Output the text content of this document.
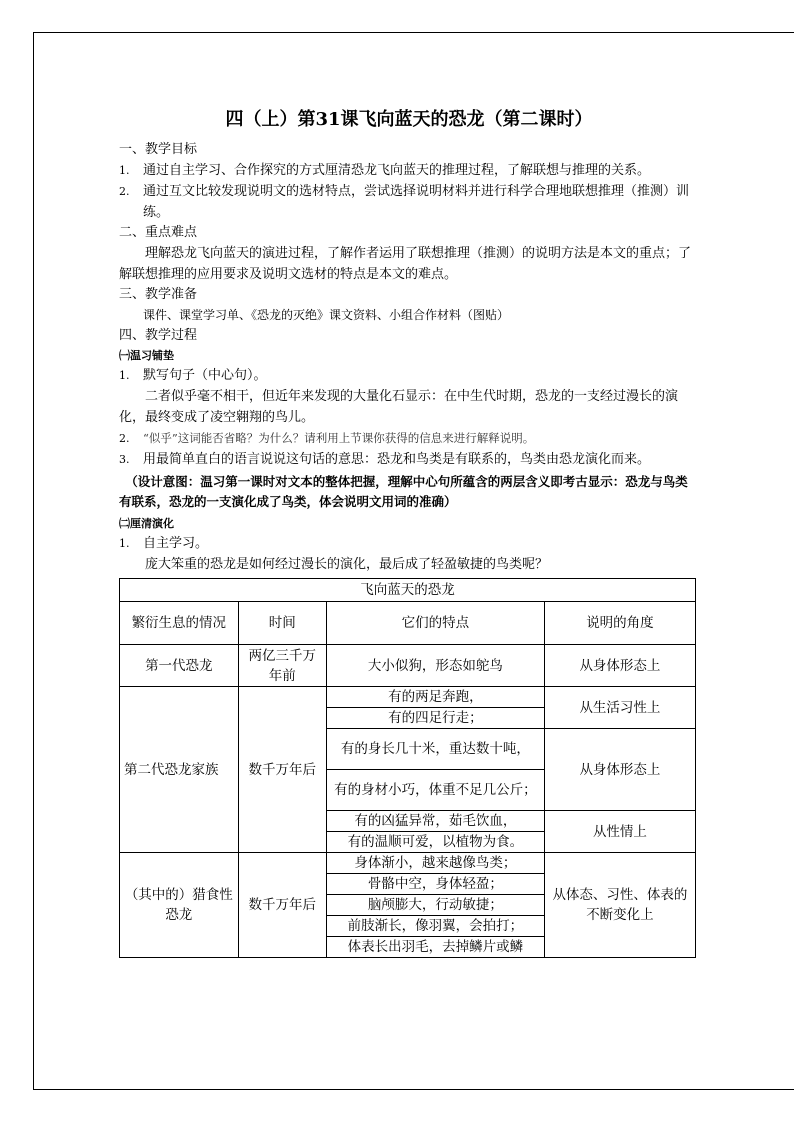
四（上）第31课飞向蓝天的恐龙（第二课时）

一、教学目标

1. 通过自主学习、合作探究的方式厘清恐龙飞向蓝天的推理过程，了解联想与推理的关系。

2. 通过互文比较发现说明文的选材特点，尝试选择说明材料并进行科学合理地联想推理（推测）训练。

二、重点难点

理解恐龙飞向蓝天的演进过程，了解作者运用了联想推理（推测）的说明方法是本文的重点；了解联想推理的应用要求及说明文选材的特点是本文的难点。

三、教学准备

课件、课堂学习单、《恐龙的灭绝》课文资料、小组合作材料（图贴）

四、教学过程

㈠温习铺垫

1. 默写句子（中心句）。

二者似乎毫不相干，但近年来发现的大量化石显示：在中生代时期，恐龙的一支经过漫长的演化，最终变成了凌空翱翔的鸟儿。

2. “似乎”这词能否省略？为什么？请利用上节课你获得的信息来进行解释说明。

3. 用最简单直白的语言说说这句话的意思：恐龙和鸟类是有联系的，鸟类由恐龙演化而来。

（设计意图：温习第一课时对文本的整体把握，理解中心句所蕴含的两层含义即考古显示：恐龙与鸟类有联系，恐龙的一支演化成了鸟类，体会说明文用词的准确）

㈡厘清演化

1. 自主学习。

庞大笨重的恐龙是如何经过漫长的演化，最后成了轻盈敏捷的鸟类呢？

飞向蓝天的恐龙			
繁衍生息的情况	时间	它们的特点	说明的角度
第一代恐龙	两亿三千万年前	大小似狗，形态如鸵鸟	从身体形态上
第二代恐龙家族	数千万年后	有的两足奔跑，	从生活习性上
		有的四足行走；	
		有的身长几十米，重达数十吨，	从身体形态上
		有的身材小巧，体重不足几公斤；	
		有的凶猛异常，茹毛饮血，	从性情上
		有的温顺可爱，以植物为食。	
（其中的）猎食性恐龙	数千万年后	身体渐小，越来越像鸟类；	从体态、习性、体表的不断变化上
		骨骼中空，身体轻盈；	
		脑颅膨大，行动敏捷；	
		前肢渐长，像羽翼，会拍打；	
		体表长出羽毛，去掉鳞片或鳞	
